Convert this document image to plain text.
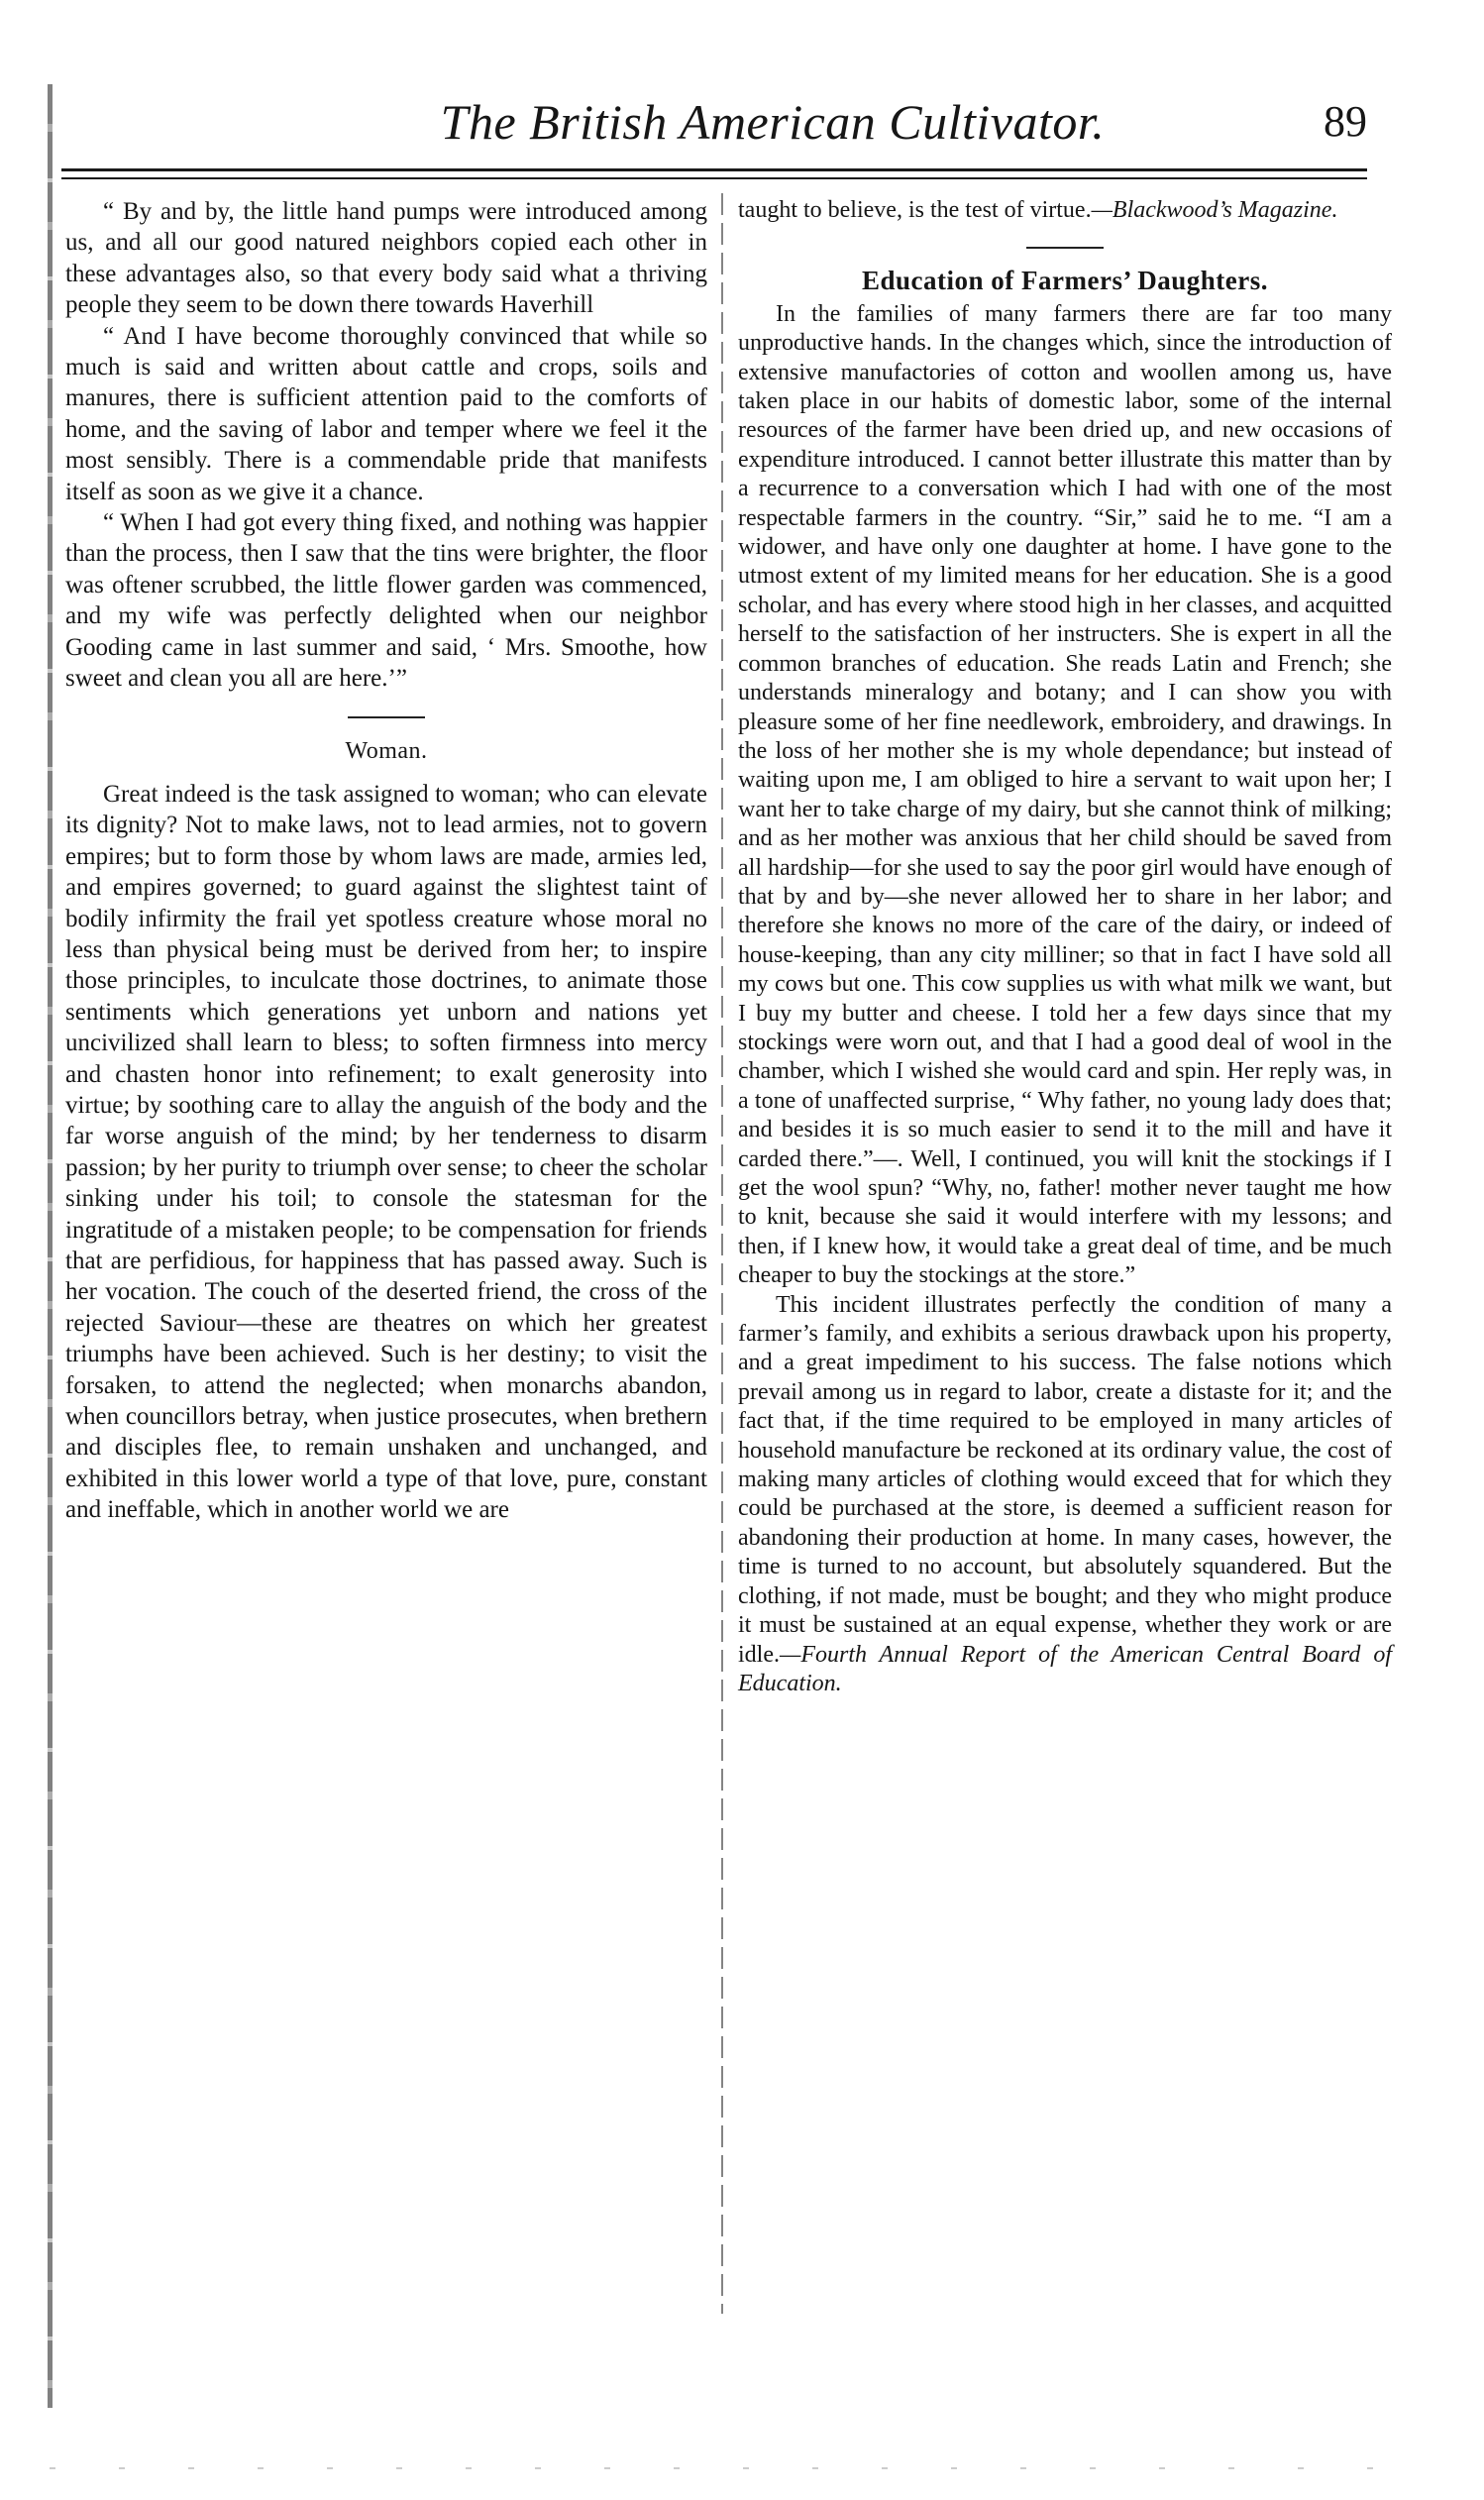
The British American Cultivator.	89

“ By and by, the little hand pumps were introduced among us, and all our good natured neighbors copied each other in these advantages also, so that every body said what a thriving people they seem to be down there towards Haverhill

“ And I have become thoroughly convinced that while so much is said and written about cattle and crops, soils and manures, there is sufficient attention paid to the comforts of home, and the saving of labor and temper where we feel it the most sensibly. There is a commendable pride that manifests itself as soon as we give it a chance.

“ When I had got every thing fixed, and nothing was happier than the process, then I saw that the tins were brighter, the floor was oftener scrubbed, the little flower garden was commenced, and my wife was perfectly delighted when our neighbor Gooding came in last summer and said, ‘ Mrs. Smoothe, how sweet and clean you all are here.’”

Woman.

Great indeed is the task assigned to woman; who can elevate its dignity? Not to make laws, not to lead armies, not to govern empires; but to form those by whom laws are made, armies led, and empires governed; to guard against the slightest taint of bodily infirmity the frail yet spotless creature whose moral no less than physical being must be derived from her; to inspire those principles, to inculcate those doctrines, to animate those sentiments which generations yet unborn and nations yet uncivilized shall learn to bless; to soften firmness into mercy and chasten honor into refinement; to exalt generosity into virtue; by soothing care to allay the anguish of the body and the far worse anguish of the mind; by her tenderness to disarm passion; by her purity to triumph over sense; to cheer the scholar sinking under his toil; to console the statesman for the ingratitude of a mistaken people; to be compensation for friends that are perfidious, for happiness that has passed away. Such is her vocation. The couch of the deserted friend, the cross of the rejected Saviour—these are theatres on which her greatest triumphs have been achieved. Such is her destiny; to visit the forsaken, to attend the neglected; when monarchs abandon, when councillors betray, when justice prosecutes, when brethern and disciples flee, to remain unshaken and unchanged, and exhibited in this lower world a type of that love, pure, constant and ineffable, which in another world we are

taught to believe, is the test of virtue.—Blackwood’s Magazine.

Education of Farmers’ Daughters.

In the families of many farmers there are far too many unproductive hands. In the changes which, since the introduction of extensive manufactories of cotton and woollen among us, have taken place in our habits of domestic labor, some of the internal resources of the farmer have been dried up, and new occasions of expenditure introduced. I cannot better illustrate this matter than by a recurrence to a conversation which I had with one of the most respectable farmers in the country. “Sir,” said he to me. “I am a widower, and have only one daughter at home. I have gone to the utmost extent of my limited means for her education. She is a good scholar, and has every where stood high in her classes, and acquitted herself to the satisfaction of her instructers. She is expert in all the common branches of education. She reads Latin and French; she understands mineralogy and botany; and I can show you with pleasure some of her fine needlework, embroidery, and drawings. In the loss of her mother she is my whole dependance; but instead of waiting upon me, I am obliged to hire a servant to wait upon her; I want her to take charge of my dairy, but she cannot think of milking; and as her mother was anxious that her child should be saved from all hardship—for she used to say the poor girl would have enough of that by and by—she never allowed her to share in her labor; and therefore she knows no more of the care of the dairy, or indeed of house-keeping, than any city milliner; so that in fact I have sold all my cows but one. This cow supplies us with what milk we want, but I buy my butter and cheese. I told her a few days since that my stockings were worn out, and that I had a good deal of wool in the chamber, which I wished she would card and spin. Her reply was, in a tone of unaffected surprise, “ Why father, no young lady does that; and besides it is so much easier to send it to the mill and have it carded there.”—. Well, I continued, you will knit the stockings if I get the wool spun? “Why, no, father! mother never taught me how to knit, because she said it would interfere with my lessons; and then, if I knew how, it would take a great deal of time, and be much cheaper to buy the stockings at the store.”

This incident illustrates perfectly the condition of many a farmer’s family, and exhibits a serious drawback upon his property, and a great impediment to his success. The false notions which prevail among us in regard to labor, create a distaste for it; and the fact that, if the time required to be employed in many articles of household manufacture be reckoned at its ordinary value, the cost of making many articles of clothing would exceed that for which they could be purchased at the store, is deemed a sufficient reason for abandoning their production at home. In many cases, however, the time is turned to no account, but absolutely squandered. But the clothing, if not made, must be bought; and they who might produce it must be sustained at an equal expense, whether they work or are idle.—Fourth Annual Report of the American Central Board of Education.
